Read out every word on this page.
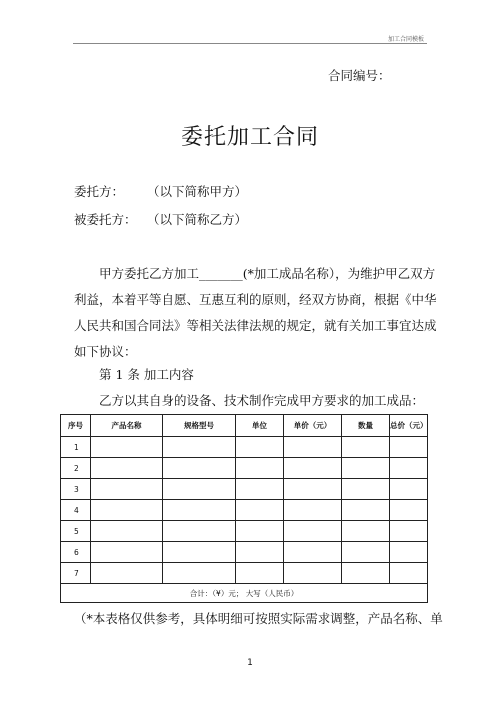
加工合同模板
合同编号：
委托加工合同
委托方： （以下简称甲方）
被委托方： （以下简称乙方）
甲方委托乙方加工_______(*加工成品名称），为维护甲乙双方
利益，本着平等自愿、互惠互利的原则，经双方协商，根据《中华
人民共和国合同法》等相关法律法规的规定，就有关加工事宜达成
如下协议：
第 1 条 加工内容
乙方以其自身的设备、技术制作完成甲方要求的加工成品：
序号	产品名称	规格型号	单位	单价（元）	数量	总价（元）
1						
2						
3						
4						
5						
6						
7						
合计：（¥）元； 大写（人民币）						
（*本表格仅供参考，具体明细可按照实际需求调整，产品名称、单
1
